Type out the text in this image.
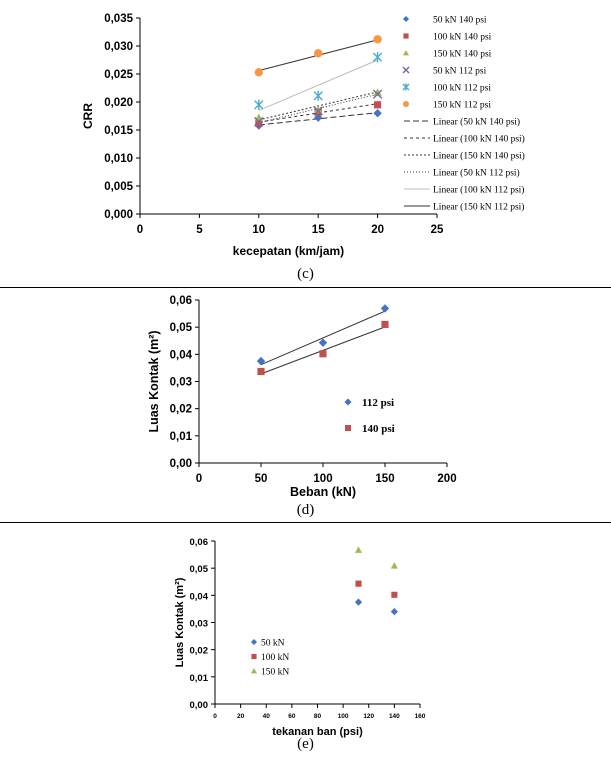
0,000
0,005
0,010
0,015
0,020
0,025
0,030
0,035
0	5	10	15	20	25
kecepatan (km/jam)
CRR
50 kN 140 psi
100 kN 140 psi
150 kN 140 psi
50 kN 112 psi
100 kN 112 psi
150 kN 112 psi
Linear (50 kN 140 psi)
Linear (100 kN 140 psi)
Linear (150 kN 140 psi)
Linear (50 kN 112 psi)
Linear (100 kN 112 psi)
Linear (150 kN 112 psi)
(c)
0,00
0,01
0,02
0,03
0,04
0,05
0,06
0	50	100	150	200
Beban (kN)
Luas Kontak (m²)	112 psi
140 psi
(d)
0,00
0,01
0,02
0,03
0,04
0,05
0,06
0	20	40	60	80	100 120 140 160
tekanan ban (psi)
Luas Kontak (m²)	50 kN
100 kN
150 kN
(e)
